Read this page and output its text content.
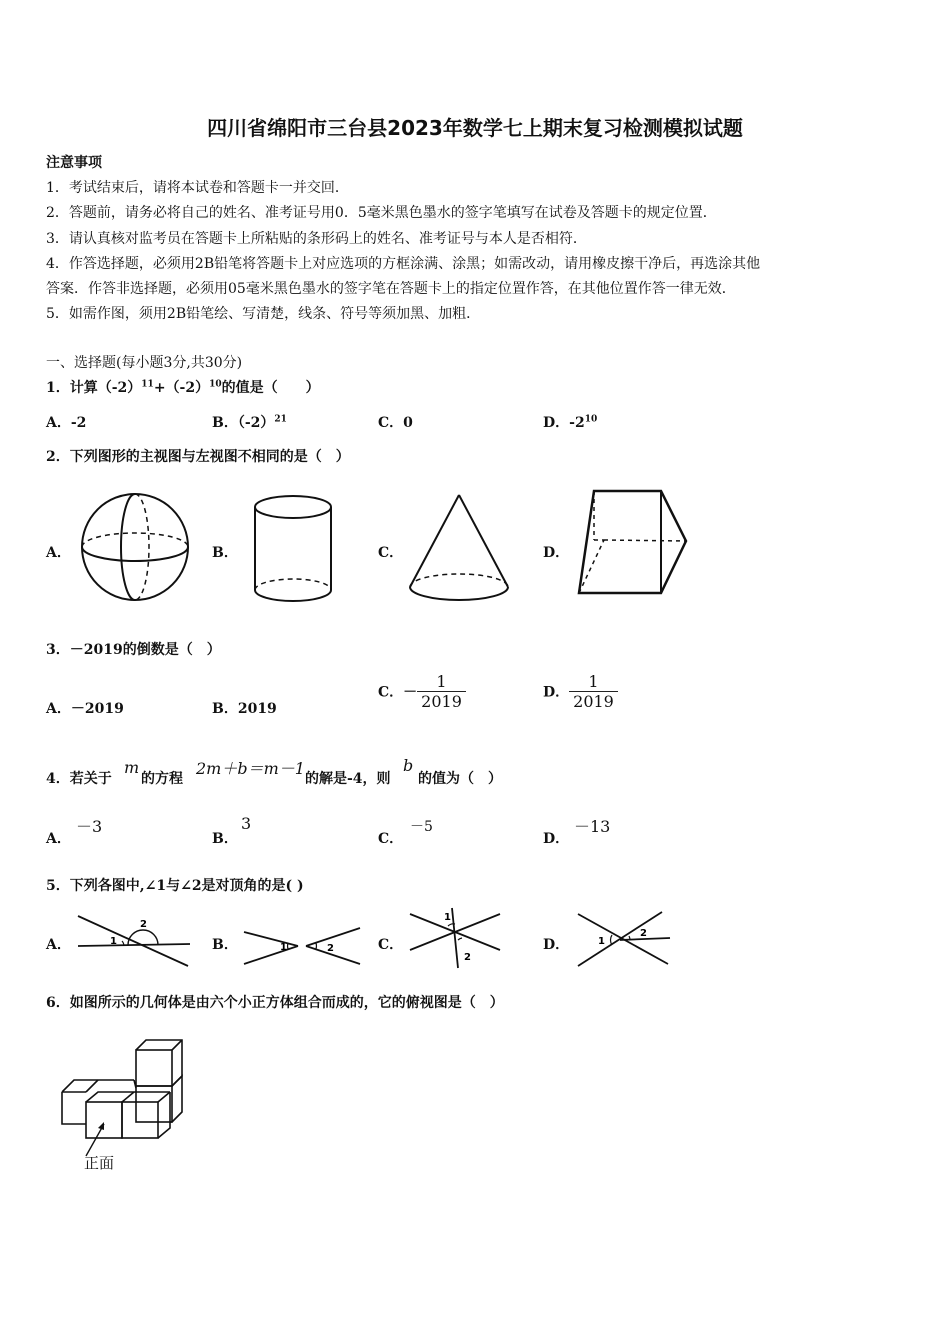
四川省绵阳市三台县2023年数学七上期末复习检测模拟试题
注意事项
1．考试结束后，请将本试卷和答题卡一并交回．
2．答题前，请务必将自己的姓名、准考证号用0．5毫米黑色墨水的签字笔填写在试卷及答题卡的规定位置．
3．请认真核对监考员在答题卡上所粘贴的条形码上的姓名、准考证号与本人是否相符．
4．作答选择题，必须用2B铅笔将答题卡上对应选项的方框涂满、涂黑；如需改动，请用橡皮擦干净后，再选涂其他
答案．作答非选择题，必须用05毫米黑色墨水的签字笔在答题卡上的指定位置作答，在其他位置作答一律无效．
5．如需作图，须用2B铅笔绘、写清楚，线条、符号等须加黑、加粗．
一、选择题(每小题3分,共30分)
1．计算$(-2)^{11}+(-2)^{10}$的值是（　　）
A．-2	B．$(-2)^{21}$	C．0	D．$-2^{10}$
2．下列图形的主视图与左视图不相同的是（　）
A．	B．	C．	D．
3．－2019的倒数是（　）
A．－2019	B．2019
C．－ $\frac{1}{2019}$	D． $\frac{1}{2019}$
4．若关于
m
的方程
2m＋b＝m－1
的解是-4，则
b
的值为（　）
A．
－3
B．
3
C．
－5
D．
－13
5．下列各图中,∠1与∠2是对顶角的是( )
A．	B．	C．	D．
1
2
1	2
1
2
1
2
6．如图所示的几何体是由六个小正方体组合而成的，它的俯视图是（　）
正面
